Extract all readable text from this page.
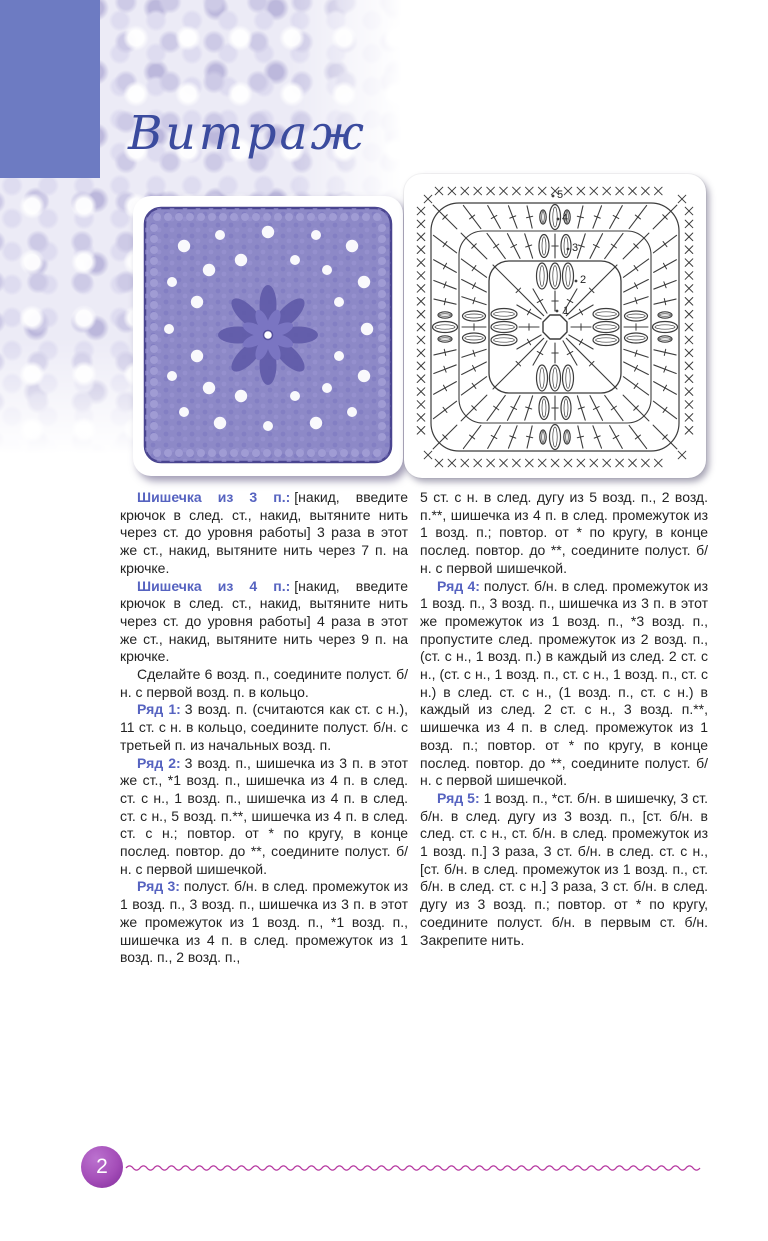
Витраж
1
2
3
4
5

Шишечка из 3 п.: [накид, введите крючок в след. ст., накид, вытяните нить через ст. до уровня работы] 3 раза в этот же ст., накид, вытяните нить через 7 п. на крючке.

Шишечка из 4 п.: [накид, введите крючок в след. ст., накид, вытяните нить через ст. до уровня работы] 4 раза в этот же ст., накид, вытяните нить через 9 п. на крючке.

Сделайте 6 возд. п., соедините полуст. б/н. с первой возд. п. в кольцо.

Ряд 1: 3 возд. п. (считаются как ст. с н.), 11 ст. с н. в кольцо, соедините полуст. б/н. с третьей п. из начальных возд. п.

Ряд 2: 3 возд. п., шишечка из 3 п. в этот же ст., *1 возд. п., шишечка из 4 п. в след. ст. с н., 1 возд. п., шишечка из 4 п. в след. ст. с н., 5 возд. п.**, шишечка из 4 п. в след. ст. с н.; повтор. от * по кругу, в конце послед. повтор. до **, соедините полуст. б/н. с первой шишечкой.

Ряд 3: полуст. б/н. в след. промежуток из 1 возд. п., 3 возд. п., шишечка из 3 п. в этот же промежуток из 1 возд. п., *1 возд. п., шишечка из 4 п. в след. промежуток из 1 возд. п., 2 возд. п.,

5 ст. с н. в след. дугу из 5 возд. п., 2 возд. п.**, шишечка из 4 п. в след. промежуток из 1 возд. п.; повтор. от * по кругу, в конце послед. повтор. до **, соедините полуст. б/н. с первой шишечкой.

Ряд 4: полуст. б/н. в след. промежуток из 1 возд. п., 3 возд. п., шишечка из 3 п. в этот же промежуток из 1 возд. п., *3 возд. п., пропустите след. промежуток из 2 возд. п., (ст. с н., 1 возд. п.) в каждый из след. 2 ст. с н., (ст. с н., 1 возд. п., ст. с н., 1 возд. п., ст. с н.) в след. ст. с н., (1 возд. п., ст. с н.) в каждый из след. 2 ст. с н., 3 возд. п.**, шишечка из 4 п. в след. промежуток из 1 возд. п.; повтор. от * по кругу, в конце послед. повтор. до **, соедините полуст. б/н. с первой шишечкой.

Ряд 5: 1 возд. п., *ст. б/н. в шишечку, 3 ст. б/н. в след. дугу из 3 возд. п., [ст. б/н. в след. ст. с н., ст. б/н. в след. промежуток из 1 возд. п.] 3 раза, 3 ст. б/н. в след. ст. с н., [ст. б/н. в след. промежуток из 1 возд. п., ст. б/н. в след. ст. с н.] 3 раза, 3 ст. б/н. в след. дугу из 3 возд. п.; повтор. от * по кругу, соедините полуст. б/н. в первым ст. б/н. Закрепите нить.

2
